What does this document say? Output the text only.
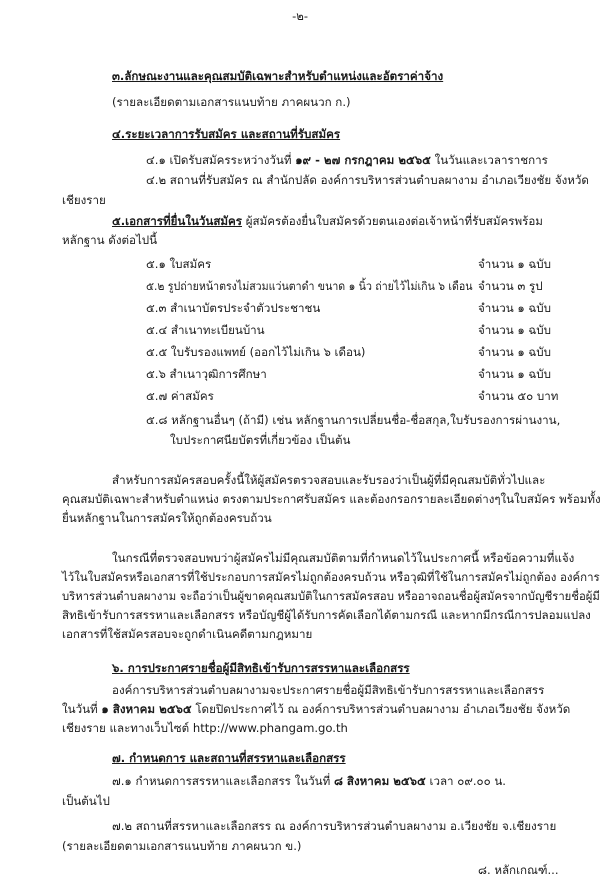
-๒-
๓.ลักษณะงานและคุณสมบัติเฉพาะสำหรับตำแหน่งและอัตราค่าจ้าง
(รายละเอียดตามเอกสารแนบท้าย ภาคผนวก ก.)
๔.ระยะเวลาการรับสมัคร และสถานที่รับสมัคร
๔.๑ เปิดรับสมัครระหว่างวันที่ ๑๙ - ๒๗ กรกฎาคม ๒๕๖๕ ในวันและเวลาราชการ
๔.๒ สถานที่รับสมัคร ณ สำนักปลัด องค์การบริหารส่วนตำบลผางาม อำเภอเวียงชัย จังหวัด
เชียงราย
๕.เอกสารที่ยื่นในวันสมัคร ผู้สมัครต้องยื่นใบสมัครด้วยตนเองต่อเจ้าหน้าที่รับสมัครพร้อม
หลักฐาน ดังต่อไปนี้
๕.๑ ใบสมัคร	จำนวน ๑ ฉบับ
๕.๒ รูปถ่ายหน้าตรงไม่สวมแว่นตาดำ ขนาด ๑ นิ้ว ถ่ายไว้ไม่เกิน ๖ เดือน จำนวน ๓ รูป
๕.๓ สำเนาบัตรประจำตัวประชาชน	จำนวน ๑ ฉบับ
๕.๔ สำเนาทะเบียนบ้าน	จำนวน ๑ ฉบับ
๕.๕ ใบรับรองแพทย์ (ออกไว้ไม่เกิน ๖ เดือน)	จำนวน ๑ ฉบับ
๕.๖ สำเนาวุฒิการศึกษา	จำนวน ๑ ฉบับ
๕.๗ ค่าสมัคร	จำนวน ๕๐ บาท
๕.๘ หลักฐานอื่นๆ (ถ้ามี) เช่น หลักฐานการเปลี่ยนชื่อ-ชื่อสกุล,ใบรับรองการผ่านงาน,
ใบประกาศนียบัตรที่เกี่ยวข้อง เป็นต้น
สำหรับการสมัครสอบครั้งนี้ให้ผู้สมัครตรวจสอบและรับรองว่าเป็นผู้ที่มีคุณสมบัติทั่วไปและ
คุณสมบัติเฉพาะสำหรับตำแหน่ง ตรงตามประกาศรับสมัคร และต้องกรอกรายละเอียดต่างๆในใบสมัคร พร้อมทั้ง
ยื่นหลักฐานในการสมัครให้ถูกต้องครบถ้วน
ในกรณีที่ตรวจสอบพบว่าผู้สมัครไม่มีคุณสมบัติตามที่กำหนดไว้ในประกาศนี้ หรือข้อความที่แจ้ง
ไว้ในใบสมัครหรือเอกสารที่ใช้ประกอบการสมัครไม่ถูกต้องครบถ้วน หรือวุฒิที่ใช้ในการสมัครไม่ถูกต้อง องค์การ
บริหารส่วนตำบลผางาม จะถือว่าเป็นผู้ขาดคุณสมบัติในการสมัครสอบ หรืออาจถอนชื่อผู้สมัครจากบัญชีรายชื่อผู้มี
สิทธิเข้ารับการสรรหาและเลือกสรร หรือบัญชีผู้ได้รับการคัดเลือกได้ตามกรณี และหากมีกรณีการปลอมแปลง
เอกสารที่ใช้สมัครสอบจะถูกดำเนินคดีตามกฎหมาย
๖. การประกาศรายชื่อผู้มีสิทธิเข้ารับการสรรหาและเลือกสรร
องค์การบริหารส่วนตำบลผางามจะประกาศรายชื่อผู้มีสิทธิเข้ารับการสรรหาและเลือกสรร
ในวันที่ ๑ สิงหาคม ๒๕๖๕ โดยปิดประกาศไว้ ณ องค์การบริหารส่วนตำบลผางาม อำเภอเวียงชัย จังหวัด
เชียงราย และทางเว็บไซต์ http://www.phangam.go.th
๗. กำหนดการ และสถานที่สรรหาและเลือกสรร
๗.๑ กำหนดการสรรหาและเลือกสรร ในวันที่ ๘ สิงหาคม ๒๕๖๕ เวลา ๐๙.๐๐ น.
เป็นต้นไป
๗.๒ สถานที่สรรหาและเลือกสรร ณ องค์การบริหารส่วนตำบลผางาม อ.เวียงชัย จ.เชียงราย
(รายละเอียดตามเอกสารแนบท้าย ภาคผนวก ข.)
๘. หลักเกณฑ์...
